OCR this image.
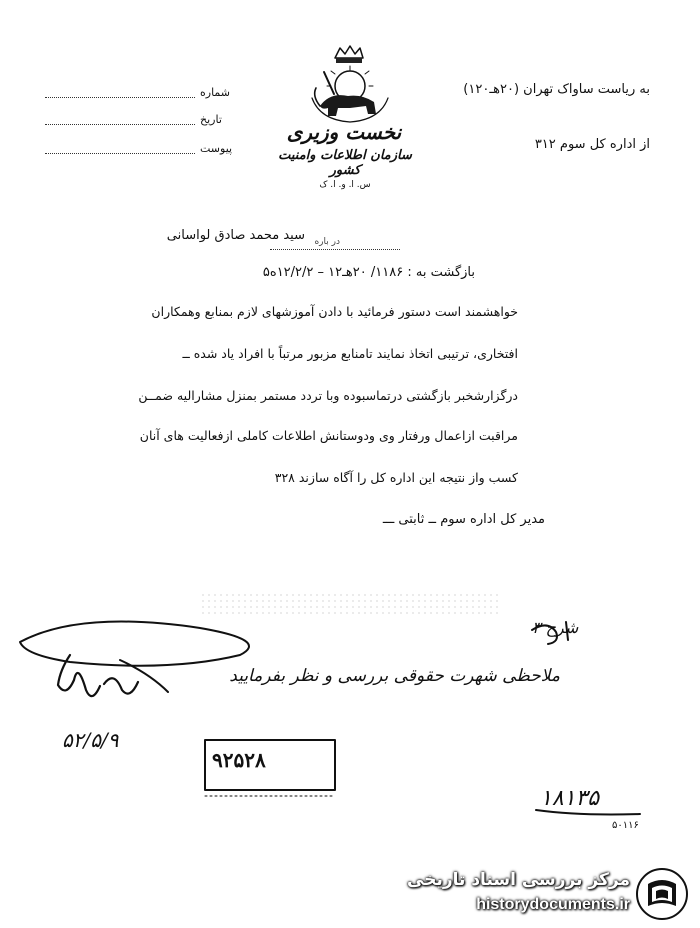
شماره
تاریخ
پیوست
نخست وزیری
سازمان اطلاعات وامنیت کشور
س. ا. و. ا. ک
به ریاست ساواک تهران (۲۰هـ۱۲۰)
از اداره کل سوم ۳۱۲
در باره
سید محمد صادق لواسانی
بازگشت به : ۱۱۸۶/ ۲۰هـ۱۲ – ۱۲/۲/۲ه۵
خواهشمند است دستور فرمائید با دادن آموزشهای لازم بمنابع وهمکاران
افتخاری، ترتیبی اتخاذ نمایند تامنابع مزبور مرتباً با افراد یاد شده ــ
درگزارشخبر بازگشتی درتماسبوده وبا تردد مستمر بمنزل مشارالیه ضمــن
مراقبت ازاعمال ورفتار وی ودوستانش اطلاعات کاملی ازفعالیت های آنان
کسب واز نتیجه این اداره کل را آگاه سازند ۳۲۸
مدیر کل اداره سوم ــ ثابتی ـــ
شرح ۳
ملاحظی شهرت حقوقی بررسی و نظر بفرمایید
۵۲/۵/۹
۹۲۵۲۸
۱۸۱۳۵
۵۰۱۱۶
مرکز بررسی اسناد تاریخی
historydocuments.ir
